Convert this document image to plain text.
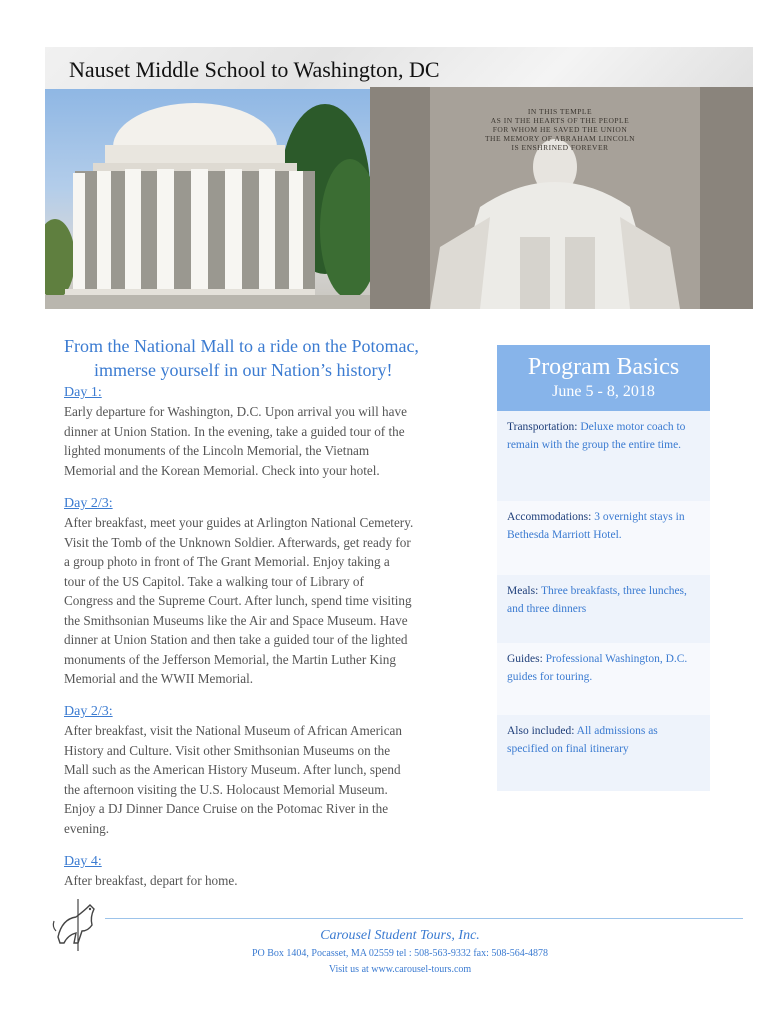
Nauset Middle School to Washington, DC
IN THIS TEMPLE
AS IN THE HEARTS OF THE PEOPLE
FOR WHOM HE SAVED THE UNION
THE MEMORY OF ABRAHAM LINCOLN
IS ENSHRINED FOREVER
From the National Mall to a ride on the Potomac,
immerse yourself in our Nation’s history!
Day 1:

Early departure for Washington, D.C. Upon arrival you will have
dinner at Union Station. In the evening, take a guided tour of the
lighted monuments of the Lincoln Memorial, the Vietnam
Memorial and the Korean Memorial. Check into your hotel.

Day 2/3:

After breakfast, meet your guides at Arlington National Cemetery.
Visit the Tomb of the Unknown Soldier. Afterwards, get ready for
a group photo in front of The Grant Memorial. Enjoy taking a
tour of the US Capitol. Take a walking tour of Library of
Congress and the Supreme Court. After lunch, spend time visiting
the Smithsonian Museums like the Air and Space Museum. Have
dinner at Union Station and then take a guided tour of the lighted
monuments of the Jefferson Memorial, the Martin Luther King
Memorial and the WWII Memorial.

Day 2/3:

After breakfast, visit the National Museum of African American
History and Culture. Visit other Smithsonian Museums on the
Mall such as the American History Museum. After lunch, spend
the afternoon visiting the U.S. Holocaust Memorial Museum.
Enjoy a DJ Dinner Dance Cruise on the Potomac River in the
evening.

Day 4:

After breakfast, depart for home.

Program Basics
June 5 - 8, 2018
Transportation: Deluxe motor coach to remain with the group the entire time.
Accommodations: 3 overnight stays in Bethesda Marriott Hotel.
Meals: Three breakfasts, three lunches, and three dinners
Guides: Professional Washington, D.C. guides for touring.
Also included: All admissions as specified on final itinerary
Carousel Student Tours, Inc.
PO Box 1404, Pocasset, MA 02559 tel : 508-563-9332 fax: 508-564-4878
Visit us at www.carousel-tours.com
